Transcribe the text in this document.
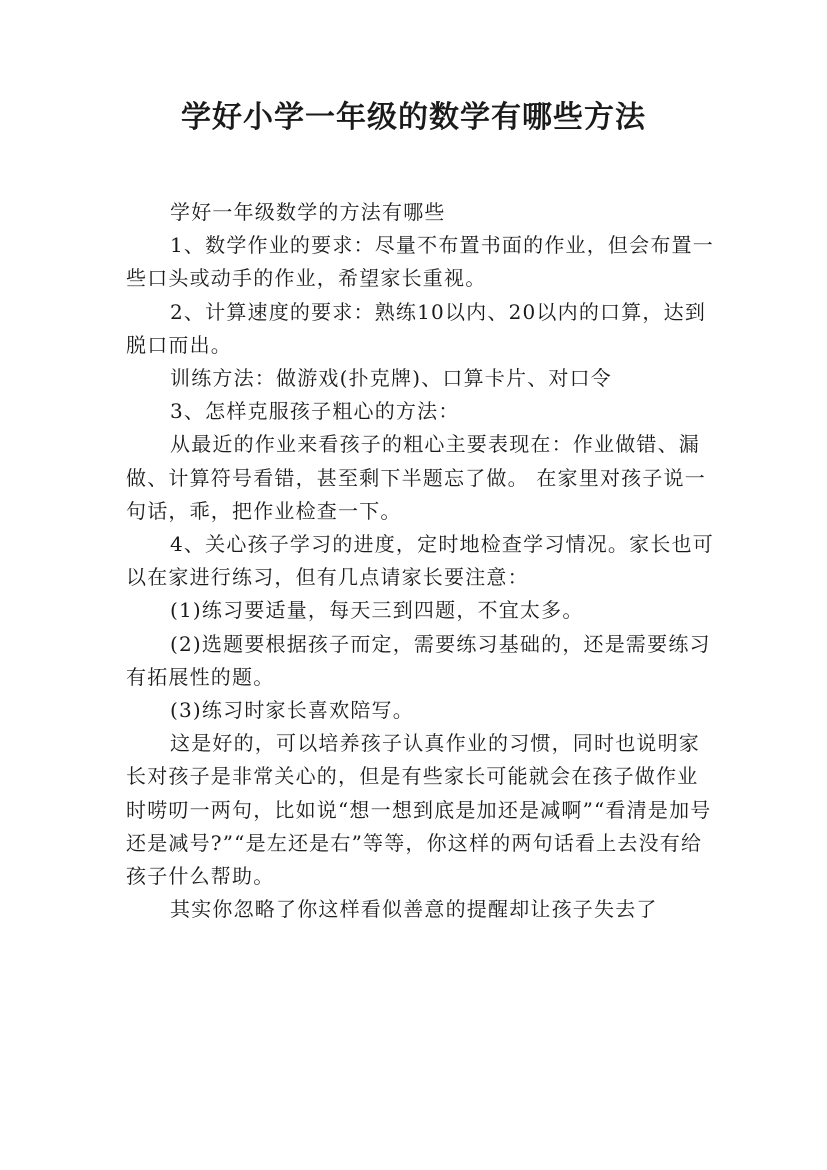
学好小学一年级的数学有哪些方法

学好一年级数学的方法有哪些

1、数学作业的要求：尽量不布置书面的作业，但会布置一些口头或动手的作业，希望家长重视。

2、计算速度的要求：熟练10以内、20以内的口算，达到脱口而出。

训练方法：做游戏(扑克牌)、口算卡片、对口令

3、怎样克服孩子粗心的方法：

从最近的作业来看孩子的粗心主要表现在：作业做错、漏做、计算符号看错，甚至剩下半题忘了做。 在家里对孩子说一句话，乖，把作业检查一下。

4、关心孩子学习的进度，定时地检查学习情况。家长也可以在家进行练习，但有几点请家长要注意：

(1)练习要适量，每天三到四题，不宜太多。

(2)选题要根据孩子而定，需要练习基础的，还是需要练习有拓展性的题。

(3)练习时家长喜欢陪写。

这是好的，可以培养孩子认真作业的习惯，同时也说明家长对孩子是非常关心的，但是有些家长可能就会在孩子做作业时唠叨一两句，比如说“想一想到底是加还是减啊”“看清是加号还是减号?”“是左还是右”等等，你这样的两句话看上去没有给孩子什么帮助。

其实你忽略了你这样看似善意的提醒却让孩子失去了
